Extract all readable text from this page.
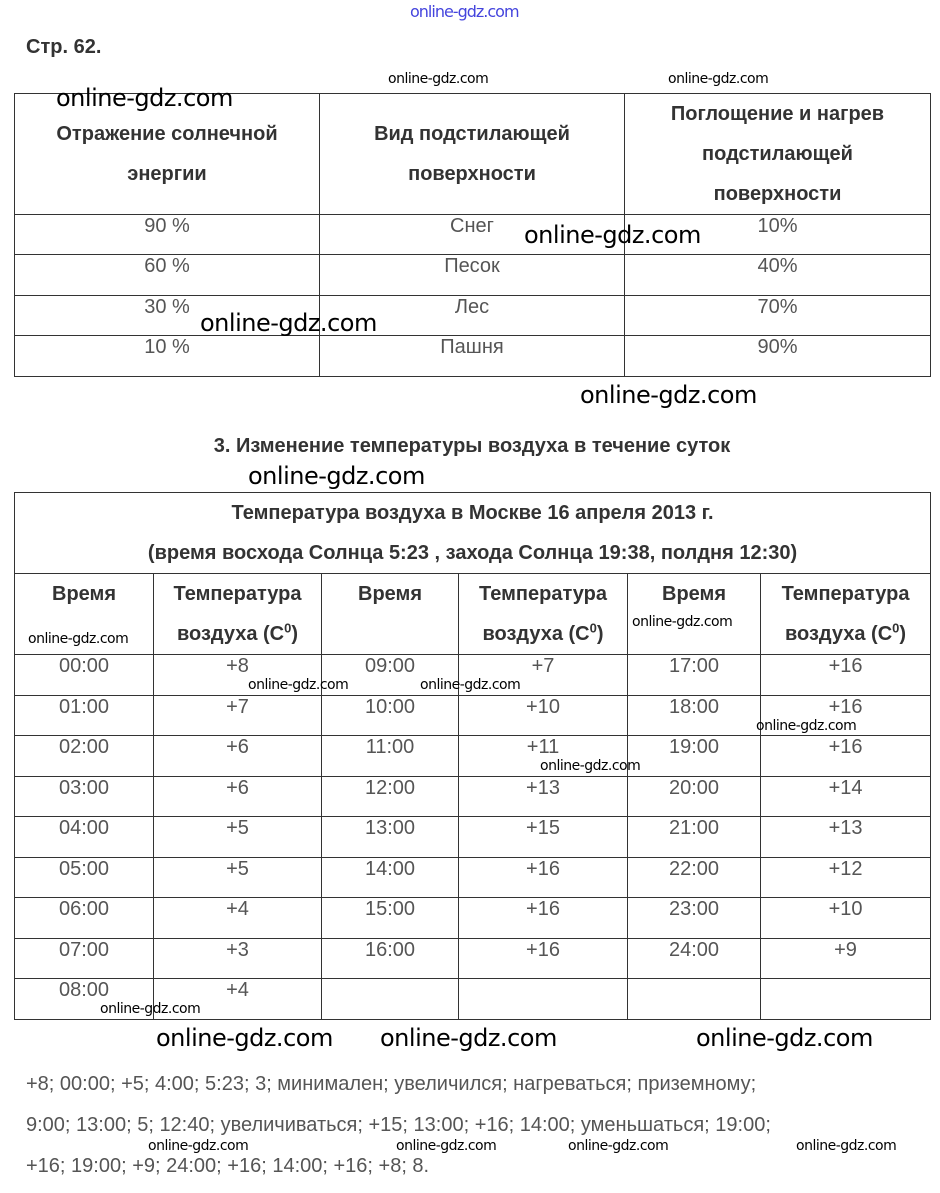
online-gdz.com
Стр. 62.
Отражение солнечной энергии	Вид подстилающей поверхности	Поглощение и нагрев подстилающей поверхности
90 %	Снег	10%
60 %	Песок	40%
30 %	Лес	70%
10 %	Пашня	90%
3. Изменение температуры воздуха в течение суток
Температура воздуха в Москве 16 апреля 2013 г.
(время восхода Солнца 5:23 , захода Солнца 19:38, полдня 12:30)					

Время	Температура воздуха $(С^0)$	Время	Температура воздуха $(С^0)$	Время	Температура воздуха $(С^0)$
00:00	+8	09:00	+7	17:00	+16
01:00	+7	10:00	+10	18:00	+16
02:00	+6	11:00	+11	19:00	+16
03:00	+6	12:00	+13	20:00	+14
04:00	+5	13:00	+15	21:00	+13
05:00	+5	14:00	+16	22:00	+12
06:00	+4	15:00	+16	23:00	+10
07:00	+3	16:00	+16	24:00	+9
08:00	+4				
+8; 00:00; +5; 4:00; 5:23; 3; минимален; увеличился; нагреваться; приземному;
9:00; 13:00; 5; 12:40; увеличиваться; +15; 13:00; +16; 14:00; уменьшаться; 19:00;
+16; 19:00; +9; 24:00; +16; 14:00; +16; +8; 8.
online-gdz.com
online-gdz.com	online-gdz.com
online-gdz.com
online-gdz.com
online-gdz.com
online-gdz.com
online-gdz.com
online-gdz.com
online-gdz.com	online-gdz.com
online-gdz.com
online-gdz.com
online-gdz.com online-gdz.com	online-gdz.com
online-gdz.com
online-gdz.com	online-gdz.com	online-gdz.com	online-gdz.com
